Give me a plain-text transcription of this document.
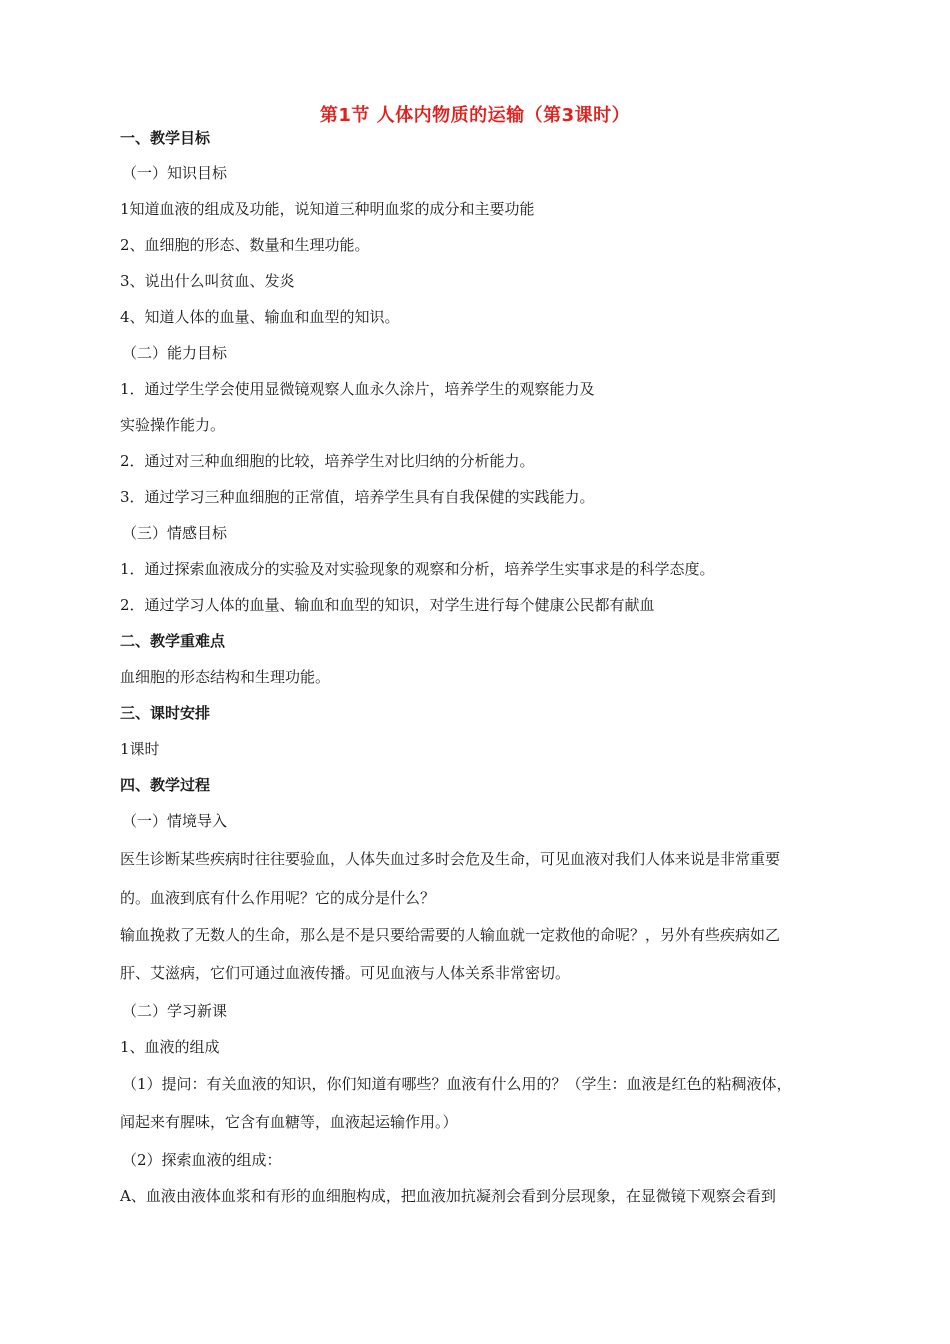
第1节 人体内物质的运输（第3课时）
一、教学目标
（一）知识目标
1知道血液的组成及功能，说知道三种明血浆的成分和主要功能
2、血细胞的形态、数量和生理功能。
3、说出什么叫贫血、发炎
4、知道人体的血量、输血和血型的知识。
（二）能力目标
1．通过学生学会使用显微镜观察人血永久涂片，培养学生的观察能力及
实验操作能力。
2．通过对三种血细胞的比较，培养学生对比归纳的分析能力。
3．通过学习三种血细胞的正常值，培养学生具有自我保健的实践能力。
（三）情感目标
1．通过探索血液成分的实验及对实验现象的观察和分析，培养学生实事求是的科学态度。
2．通过学习人体的血量、输血和血型的知识，对学生进行每个健康公民都有献血
二、教学重难点
血细胞的形态结构和生理功能。
三、课时安排
1课时
四、教学过程
（一）情境导入
医生诊断某些疾病时往往要验血，人体失血过多时会危及生命，可见血液对我们人体来说是非常重要
的。血液到底有什么作用呢？它的成分是什么？
输血挽救了无数人的生命，那么是不是只要给需要的人输血就一定救他的命呢？，另外有些疾病如乙
肝、艾滋病，它们可通过血液传播。可见血液与人体关系非常密切。
（二）学习新课
1、血液的组成
（1）提问：有关血液的知识，你们知道有哪些？血液有什么用的？（学生：血液是红色的粘稠液体，
闻起来有腥味，它含有血糖等，血液起运输作用。）
（2）探索血液的组成：
A、血液由液体血浆和有形的血细胞构成，把血液加抗凝剂会看到分层现象，在显微镜下观察会看到
